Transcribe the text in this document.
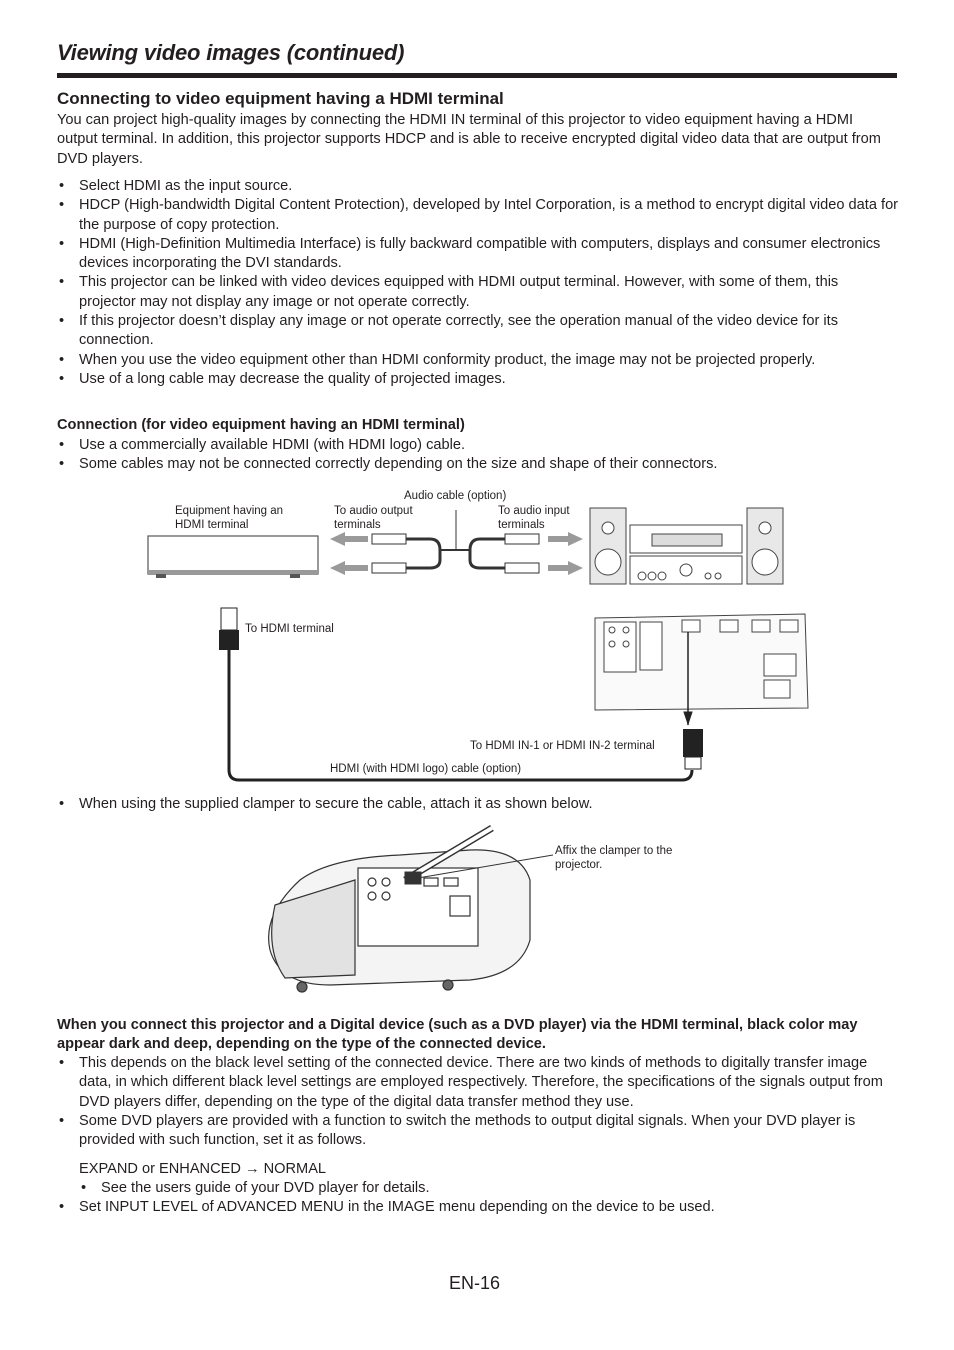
Viewing video images (continued)
Connecting to video equipment having a HDMI terminal

You can project high-quality images by connecting the HDMI IN terminal of this projector to video equipment having a HDMI output terminal. In addition, this projector supports HDCP and is able to receive encrypted digital video data that are output from DVD players.

• Select HDMI as the input source.
• HDCP (High-bandwidth Digital Content Protection), developed by Intel Corporation, is a method to encrypt digital video data for the purpose of copy protection.
• HDMI (High-Definition Multimedia Interface) is fully backward compatible with computers, displays and consumer electronics devices incorporating the DVI standards.
• This projector can be linked with video devices equipped with HDMI output terminal. However, with some of them, this projector may not display any image or not operate correctly.
• If this projector doesn’t display any image or not operate correctly, see the operation manual of the video device for its connection.
• When you use the video equipment other than HDMI conformity product, the image may not be projected properly.
• Use of a long cable may decrease the quality of projected images.

Connection (for video equipment having an HDMI terminal)

• Use a commercially available HDMI (with HDMI logo) cable.
• Some cables may not be connected correctly depending on the size and shape of their connectors.
Audio cable (option)
Equipment having an HDMI terminal
To audio output terminals
To audio input terminals
To HDMI terminal
To HDMI IN-1 or HDMI IN-2 terminal
HDMI (with HDMI logo) cable (option)
• When using the supplied clamper to secure the cable, attach it as shown below.
Affix the clamper to the projector.

When you connect this projector and a Digital device (such as a DVD player) via the HDMI terminal, black color may appear dark and deep, depending on the type of the connected device.

• This depends on the black level setting of the connected device. There are two kinds of methods to digitally transfer image data, in which different black level settings are employed respectively. Therefore, the specifications of the signals output from DVD players differ, depending on the type of the digital data transfer method they use.
• Some DVD players are provided with a function to switch the methods to output digital signals. When your DVD player is provided with such function, set it as follows.

EXPAND or ENHANCED → NORMAL

• See the users guide of your DVD player for details.
• Set INPUT LEVEL of ADVANCED MENU in the IMAGE menu depending on the device to be used.
EN-16
